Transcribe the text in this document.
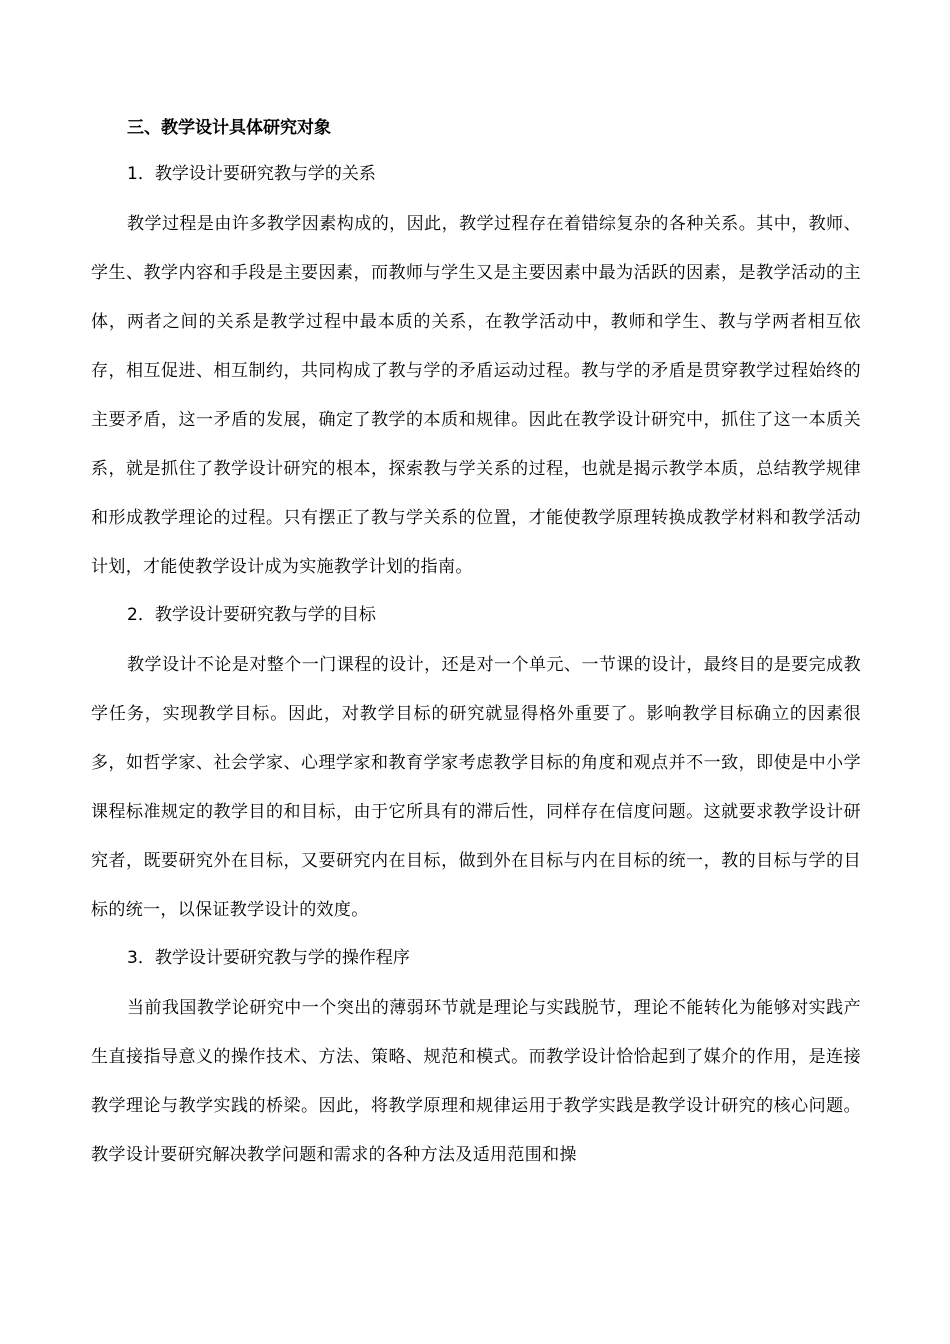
三、教学设计具体研究对象
1．教学设计要研究教与学的关系

教学过程是由许多教学因素构成的，因此，教学过程存在着错综复杂的各种关系。其中，教师、学生、教学内容和手段是主要因素，而教师与学生又是主要因素中最为活跃的因素，是教学活动的主体，两者之间的关系是教学过程中最本质的关系，在教学活动中，教师和学生、教与学两者相互依存，相互促进、相互制约，共同构成了教与学的矛盾运动过程。教与学的矛盾是贯穿教学过程始终的主要矛盾，这一矛盾的发展，确定了教学的本质和规律。因此在教学设计研究中，抓住了这一本质关系，就是抓住了教学设计研究的根本，探索教与学关系的过程，也就是揭示教学本质，总结教学规律和形成教学理论的过程。只有摆正了教与学关系的位置，才能使教学原理转换成教学材料和教学活动计划，才能使教学设计成为实施教学计划的指南。

2．教学设计要研究教与学的目标

教学设计不论是对整个一门课程的设计，还是对一个单元、一节课的设计，最终目的是要完成教学任务，实现教学目标。因此，对教学目标的研究就显得格外重要了。影响教学目标确立的因素很多，如哲学家、社会学家、心理学家和教育学家考虑教学目标的角度和观点并不一致，即使是中小学课程标准规定的教学目的和目标，由于它所具有的滞后性，同样存在信度问题。这就要求教学设计研究者，既要研究外在目标，又要研究内在目标，做到外在目标与内在目标的统一，教的目标与学的目标的统一，以保证教学设计的效度。

3．教学设计要研究教与学的操作程序

当前我国教学论研究中一个突出的薄弱环节就是理论与实践脱节，理论不能转化为能够对实践产生直接指导意义的操作技术、方法、策略、规范和模式。而教学设计恰恰起到了媒介的作用，是连接教学理论与教学实践的桥梁。因此，将教学原理和规律运用于教学实践是教学设计研究的核心问题。教学设计要研究解决教学问题和需求的各种方法及适用范围和操
